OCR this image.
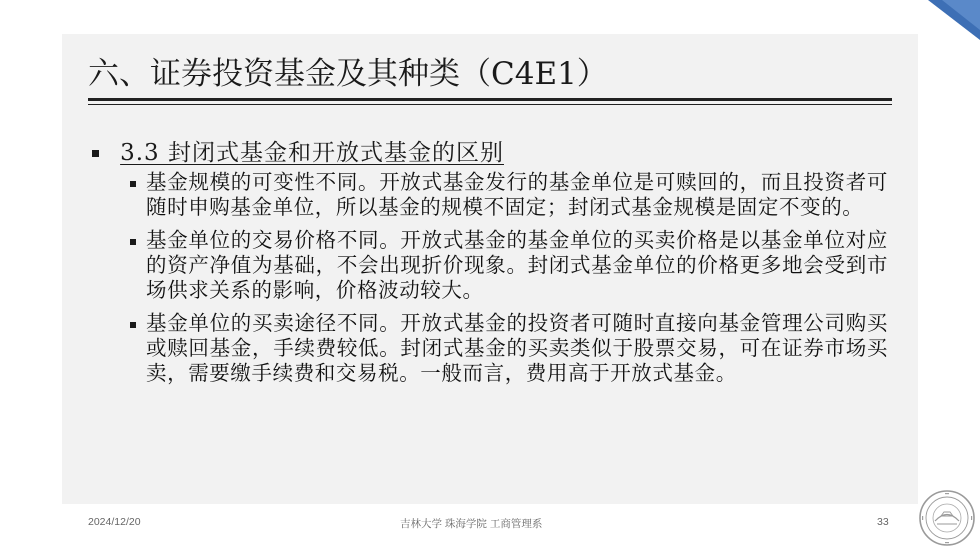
六、证券投资基金及其种类（C4E1）
3.3 封闭式基金和开放式基金的区别
基金规模的可变性不同。开放式基金发行的基金单位是可赎回的，而且投资者可随时申购基金单位，所以基金的规模不固定；封闭式基金规模是固定不变的。
基金单位的交易价格不同。开放式基金的基金单位的买卖价格是以基金单位对应的资产净值为基础，不会出现折价现象。封闭式基金单位的价格更多地会受到市场供求关系的影响，价格波动较大。
基金单位的买卖途径不同。开放式基金的投资者可随时直接向基金管理公司购买或赎回基金，手续费较低。封闭式基金的买卖类似于股票交易，可在证券市场买卖，需要缴手续费和交易税。一般而言，费用高于开放式基金。
2024/12/20	吉林大学 珠海学院 工商管理系	33
